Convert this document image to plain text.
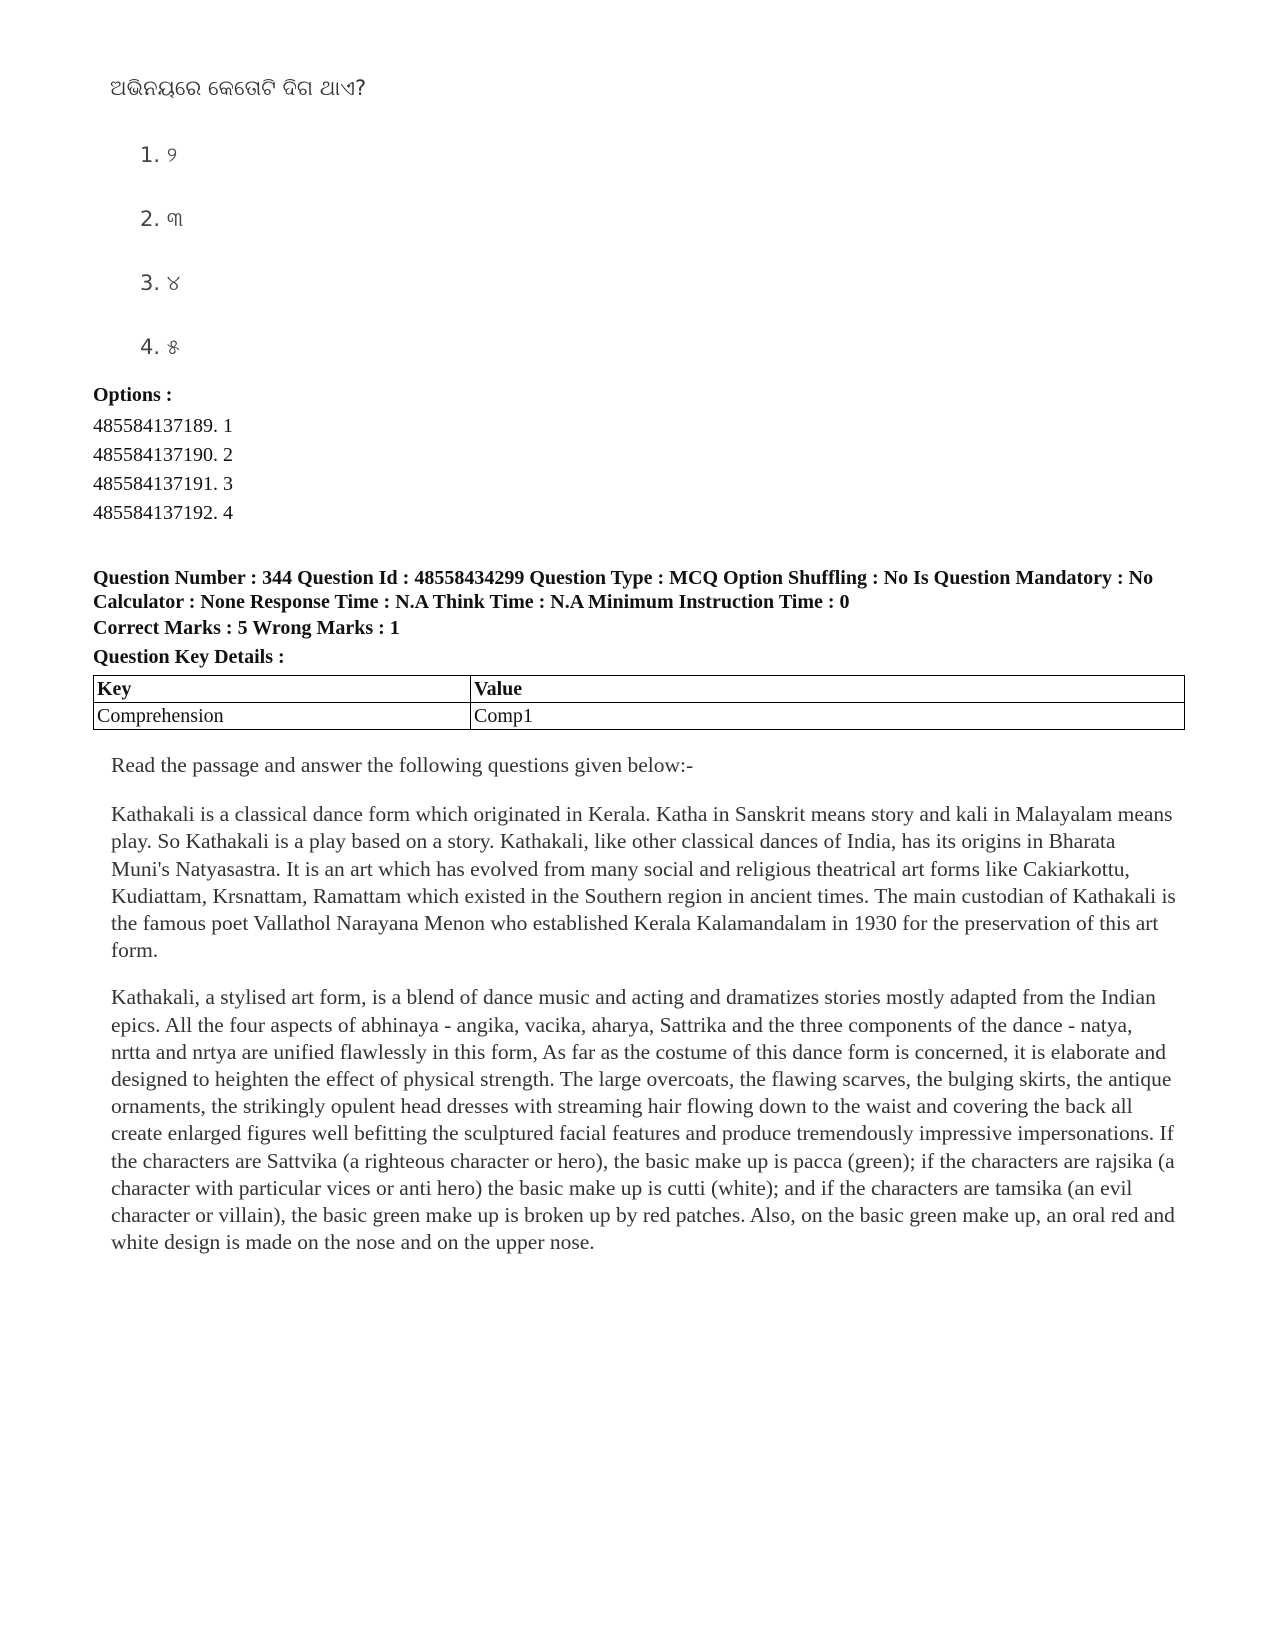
ଅଭିନୟରେ କେତୋଟି ଦିଗ ଥାଏ?
1. ୨
2. ୩
3. ୪
4. ୫
Options :
485584137189. 1
485584137190. 2
485584137191. 3
485584137192. 4
Question Number : 344 Question Id : 48558434299 Question Type : MCQ Option Shuffling : No Is Question Mandatory : No Calculator : None Response Time : N.A Think Time : N.A Minimum Instruction Time : 0
Correct Marks : 5 Wrong Marks : 1
Question Key Details :
Key	Value
Comprehension	Comp1

Read the passage and answer the following questions given below:-

Kathakali is a classical dance form which originated in Kerala. Katha in Sanskrit means story and kali in Malayalam means play. So Kathakali is a play based on a story. Kathakali, like other classical dances of India, has its origins in Bharata Muni's Natyasastra. It is an art which has evolved from many social and religious theatrical art forms like Cakiarkottu, Kudiattam, Krsnattam, Ramattam which existed in the Southern region in ancient times. The main custodian of Kathakali is the famous poet Vallathol Narayana Menon who established Kerala Kalamandalam in 1930 for the preservation of this art form.

Kathakali, a stylised art form, is a blend of dance music and acting and dramatizes stories mostly adapted from the Indian epics. All the four aspects of abhinaya - angika, vacika, aharya, Sattrika and the three components of the dance - natya, nrtta and nrtya are unified flawlessly in this form, As far as the costume of this dance form is concerned, it is elaborate and designed to heighten the effect of physical strength. The large overcoats, the flawing scarves, the bulging skirts, the antique ornaments, the strikingly opulent head dresses with streaming hair flowing down to the waist and covering the back all create enlarged figures well befitting the sculptured facial features and produce tremendously impressive impersonations. If the characters are Sattvika (a righteous character or hero), the basic make up is pacca (green); if the characters are rajsika (a character with particular vices or anti hero) the basic make up is cutti (white); and if the characters are tamsika (an evil character or villain), the basic green make up is broken up by red patches. Also, on the basic green make up, an oral red and white design is made on the nose and on the upper nose.
